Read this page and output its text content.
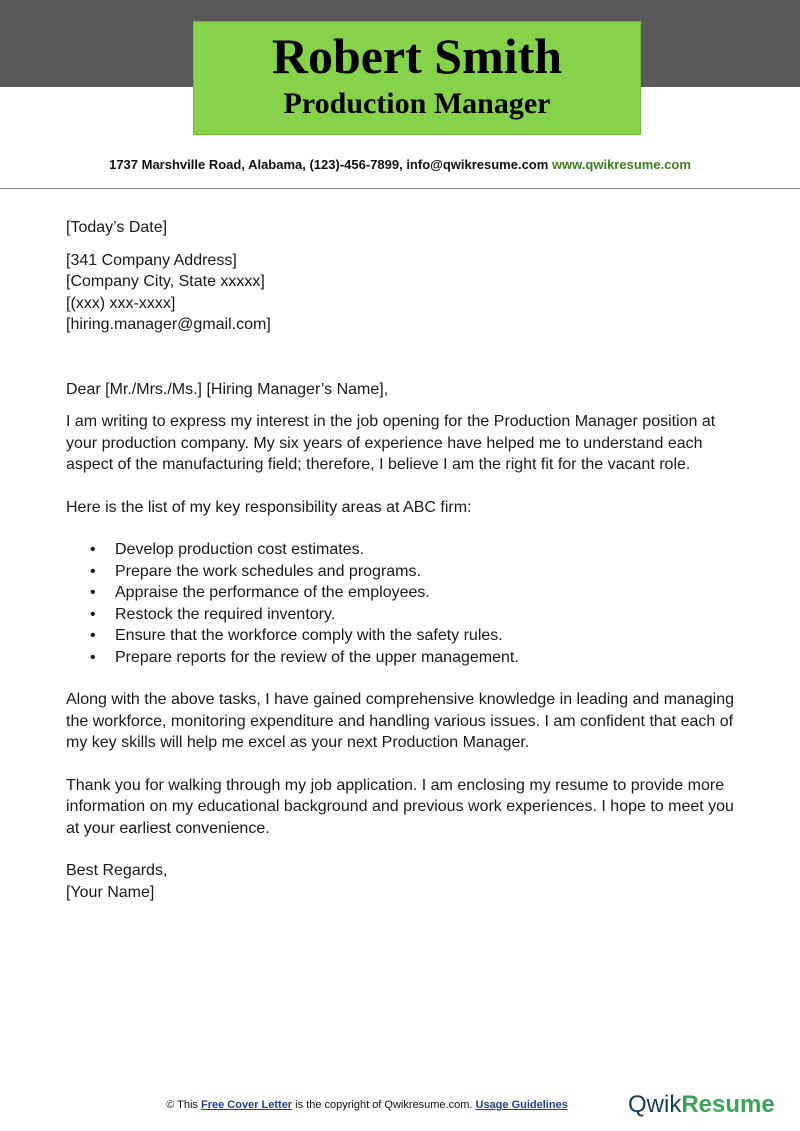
Robert Smith
Production Manager
1737 Marshville Road, Alabama, (123)-456-7899, info@qwikresume.com www.qwikresume.com

[Today’s Date]

[341 Company Address]

[Company City, State xxxxx]

[(xxx) xxx-xxxx]

[hiring.manager@gmail.com]

Dear [Mr./Mrs./Ms.] [Hiring Manager’s Name],

I am writing to express my interest in the job opening for the Production Manager position at your production company. My six years of experience have helped me to understand each aspect of the manufacturing field; therefore, I believe I am the right fit for the vacant role.

Here is the list of my key responsibility areas at ABC firm:

• Develop production cost estimates.
• Prepare the work schedules and programs.
• Appraise the performance of the employees.
• Restock the required inventory.
• Ensure that the workforce comply with the safety rules.
• Prepare reports for the review of the upper management.

Along with the above tasks, I have gained comprehensive knowledge in leading and managing the workforce, monitoring expenditure and handling various issues. I am confident that each of my key skills will help me excel as your next Production Manager.

Thank you for walking through my job application. I am enclosing my resume to provide more information on my educational background and previous work experiences. I hope to meet you at your earliest convenience.

Best Regards,

[Your Name]

© This Free Cover Letter is the copyright of Qwikresume.com. Usage Guidelines	QwikResume
